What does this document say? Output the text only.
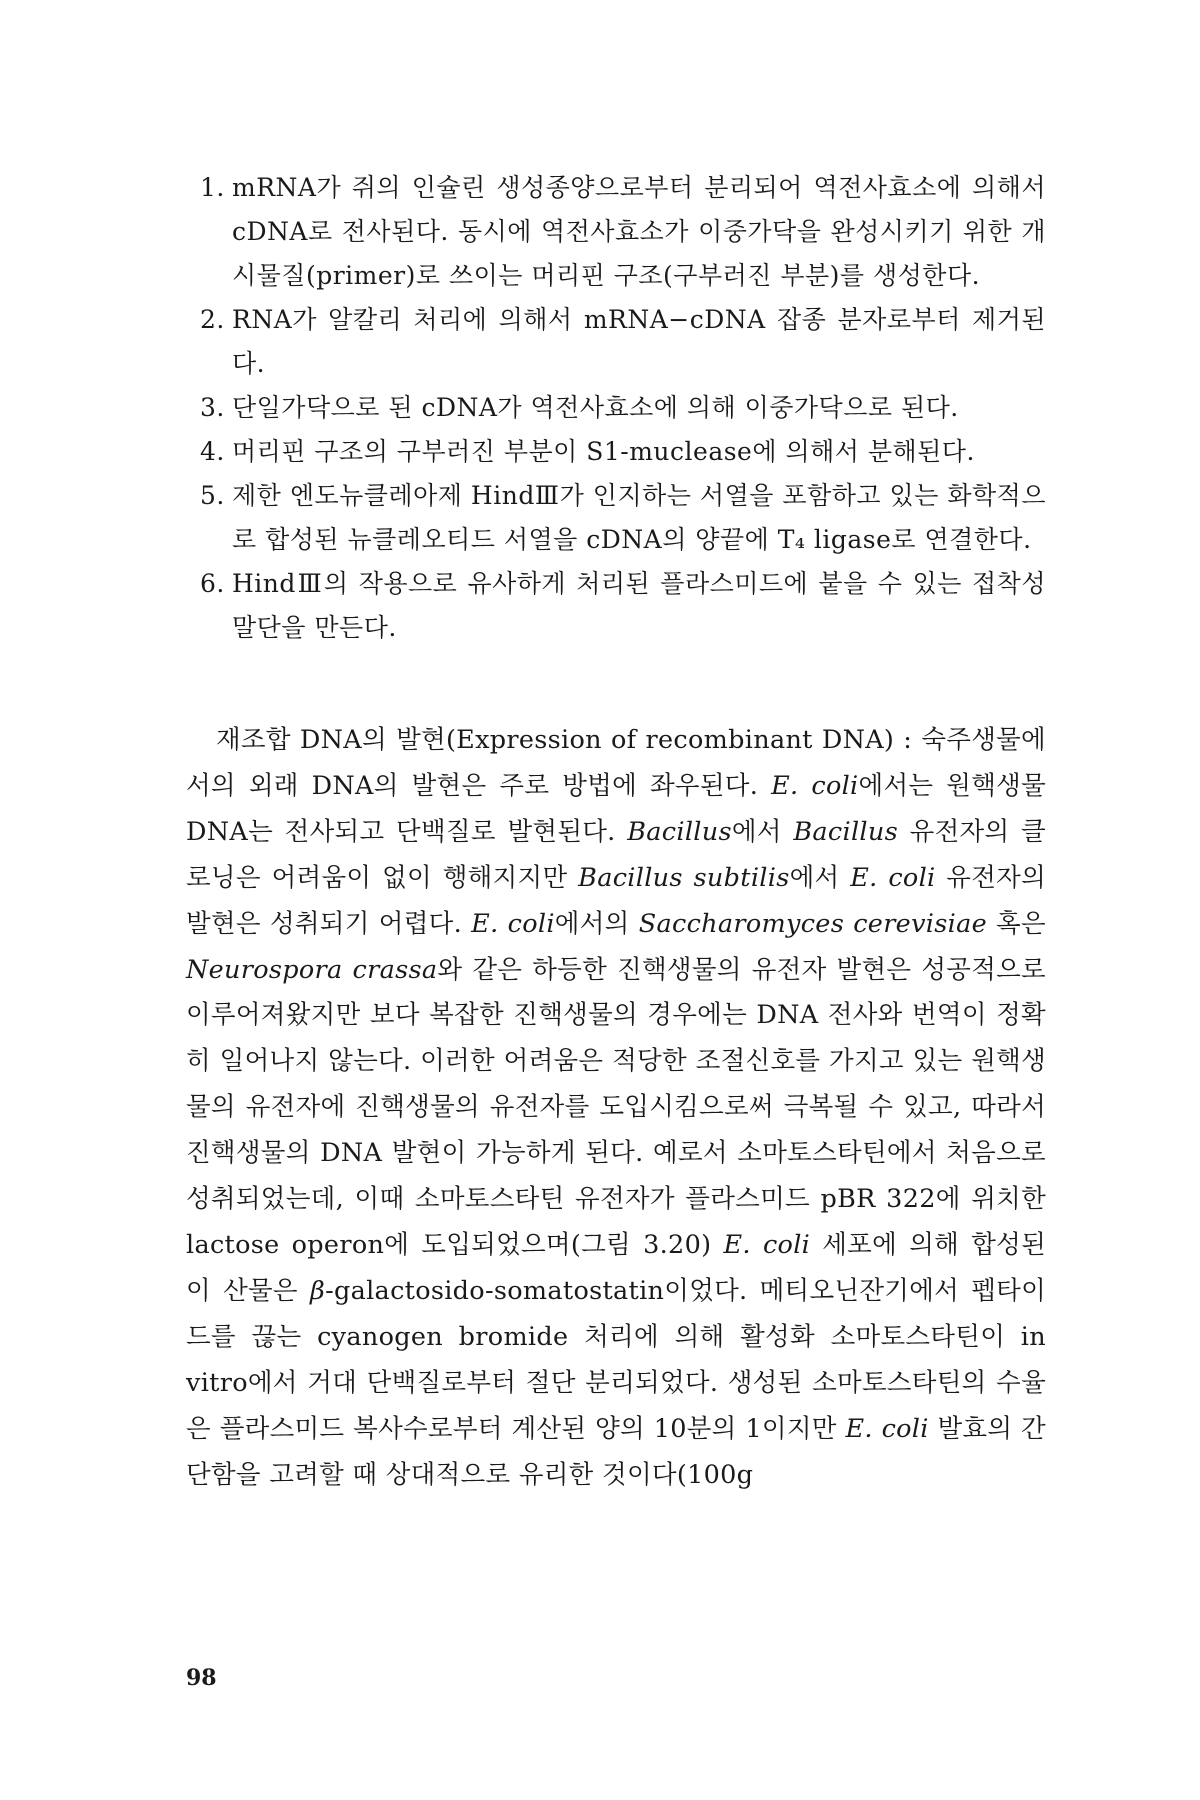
1. mRNA가 쥐의 인슐린 생성종양으로부터 분리되어 역전사효소에 의해서 cDNA로 전사된다. 동시에 역전사효소가 이중가닥을 완성시키기 위한 개시물질(primer)로 쓰이는 머리핀 구조(구부러진 부분)를 생성한다.
2. RNA가 알칼리 처리에 의해서 mRNA−cDNA 잡종 분자로부터 제거된다.
3. 단일가닥으로 된 cDNA가 역전사효소에 의해 이중가닥으로 된다.
4. 머리핀 구조의 구부러진 부분이 S1-muclease에 의해서 분해된다.
5. 제한 엔도뉴클레아제 HindⅢ가 인지하는 서열을 포함하고 있는 화학적으로 합성된 뉴클레오티드 서열을 cDNA의 양끝에 T₄ ligase로 연결한다.
6. HindⅢ의 작용으로 유사하게 처리된 플라스미드에 붙을 수 있는 접착성 말단을 만든다.

재조합 DNA의 발현(Expression of recombinant DNA) : 숙주생물에서의 외래 DNA의 발현은 주로 방법에 좌우된다. E. coli에서는 원핵생물 DNA는 전사되고 단백질로 발현된다. Bacillus에서 Bacillus 유전자의 클로닝은 어려움이 없이 행해지지만 Bacillus subtilis에서 E. coli 유전자의 발현은 성취되기 어렵다. E. coli에서의 Saccharomyces cerevisiae 혹은 Neurospora crassa와 같은 하등한 진핵생물의 유전자 발현은 성공적으로 이루어져왔지만 보다 복잡한 진핵생물의 경우에는 DNA 전사와 번역이 정확히 일어나지 않는다. 이러한 어려움은 적당한 조절신호를 가지고 있는 원핵생물의 유전자에 진핵생물의 유전자를 도입시킴으로써 극복될 수 있고, 따라서 진핵생물의 DNA 발현이 가능하게 된다. 예로서 소마토스타틴에서 처음으로 성취되었는데, 이때 소마토스타틴 유전자가 플라스미드 pBR 322에 위치한 lactose operon에 도입되었으며(그림 3.20) E. coli 세포에 의해 합성된 이 산물은 β-galactosido-somatostatin이었다. 메티오닌잔기에서 펩타이드를 끊는 cyanogen bromide 처리에 의해 활성화 소마토스타틴이 in vitro에서 거대 단백질로부터 절단 분리되었다. 생성된 소마토스타틴의 수율은 플라스미드 복사수로부터 계산된 양의 10분의 1이지만 E. coli 발효의 간단함을 고려할 때 상대적으로 유리한 것이다(100g

98
